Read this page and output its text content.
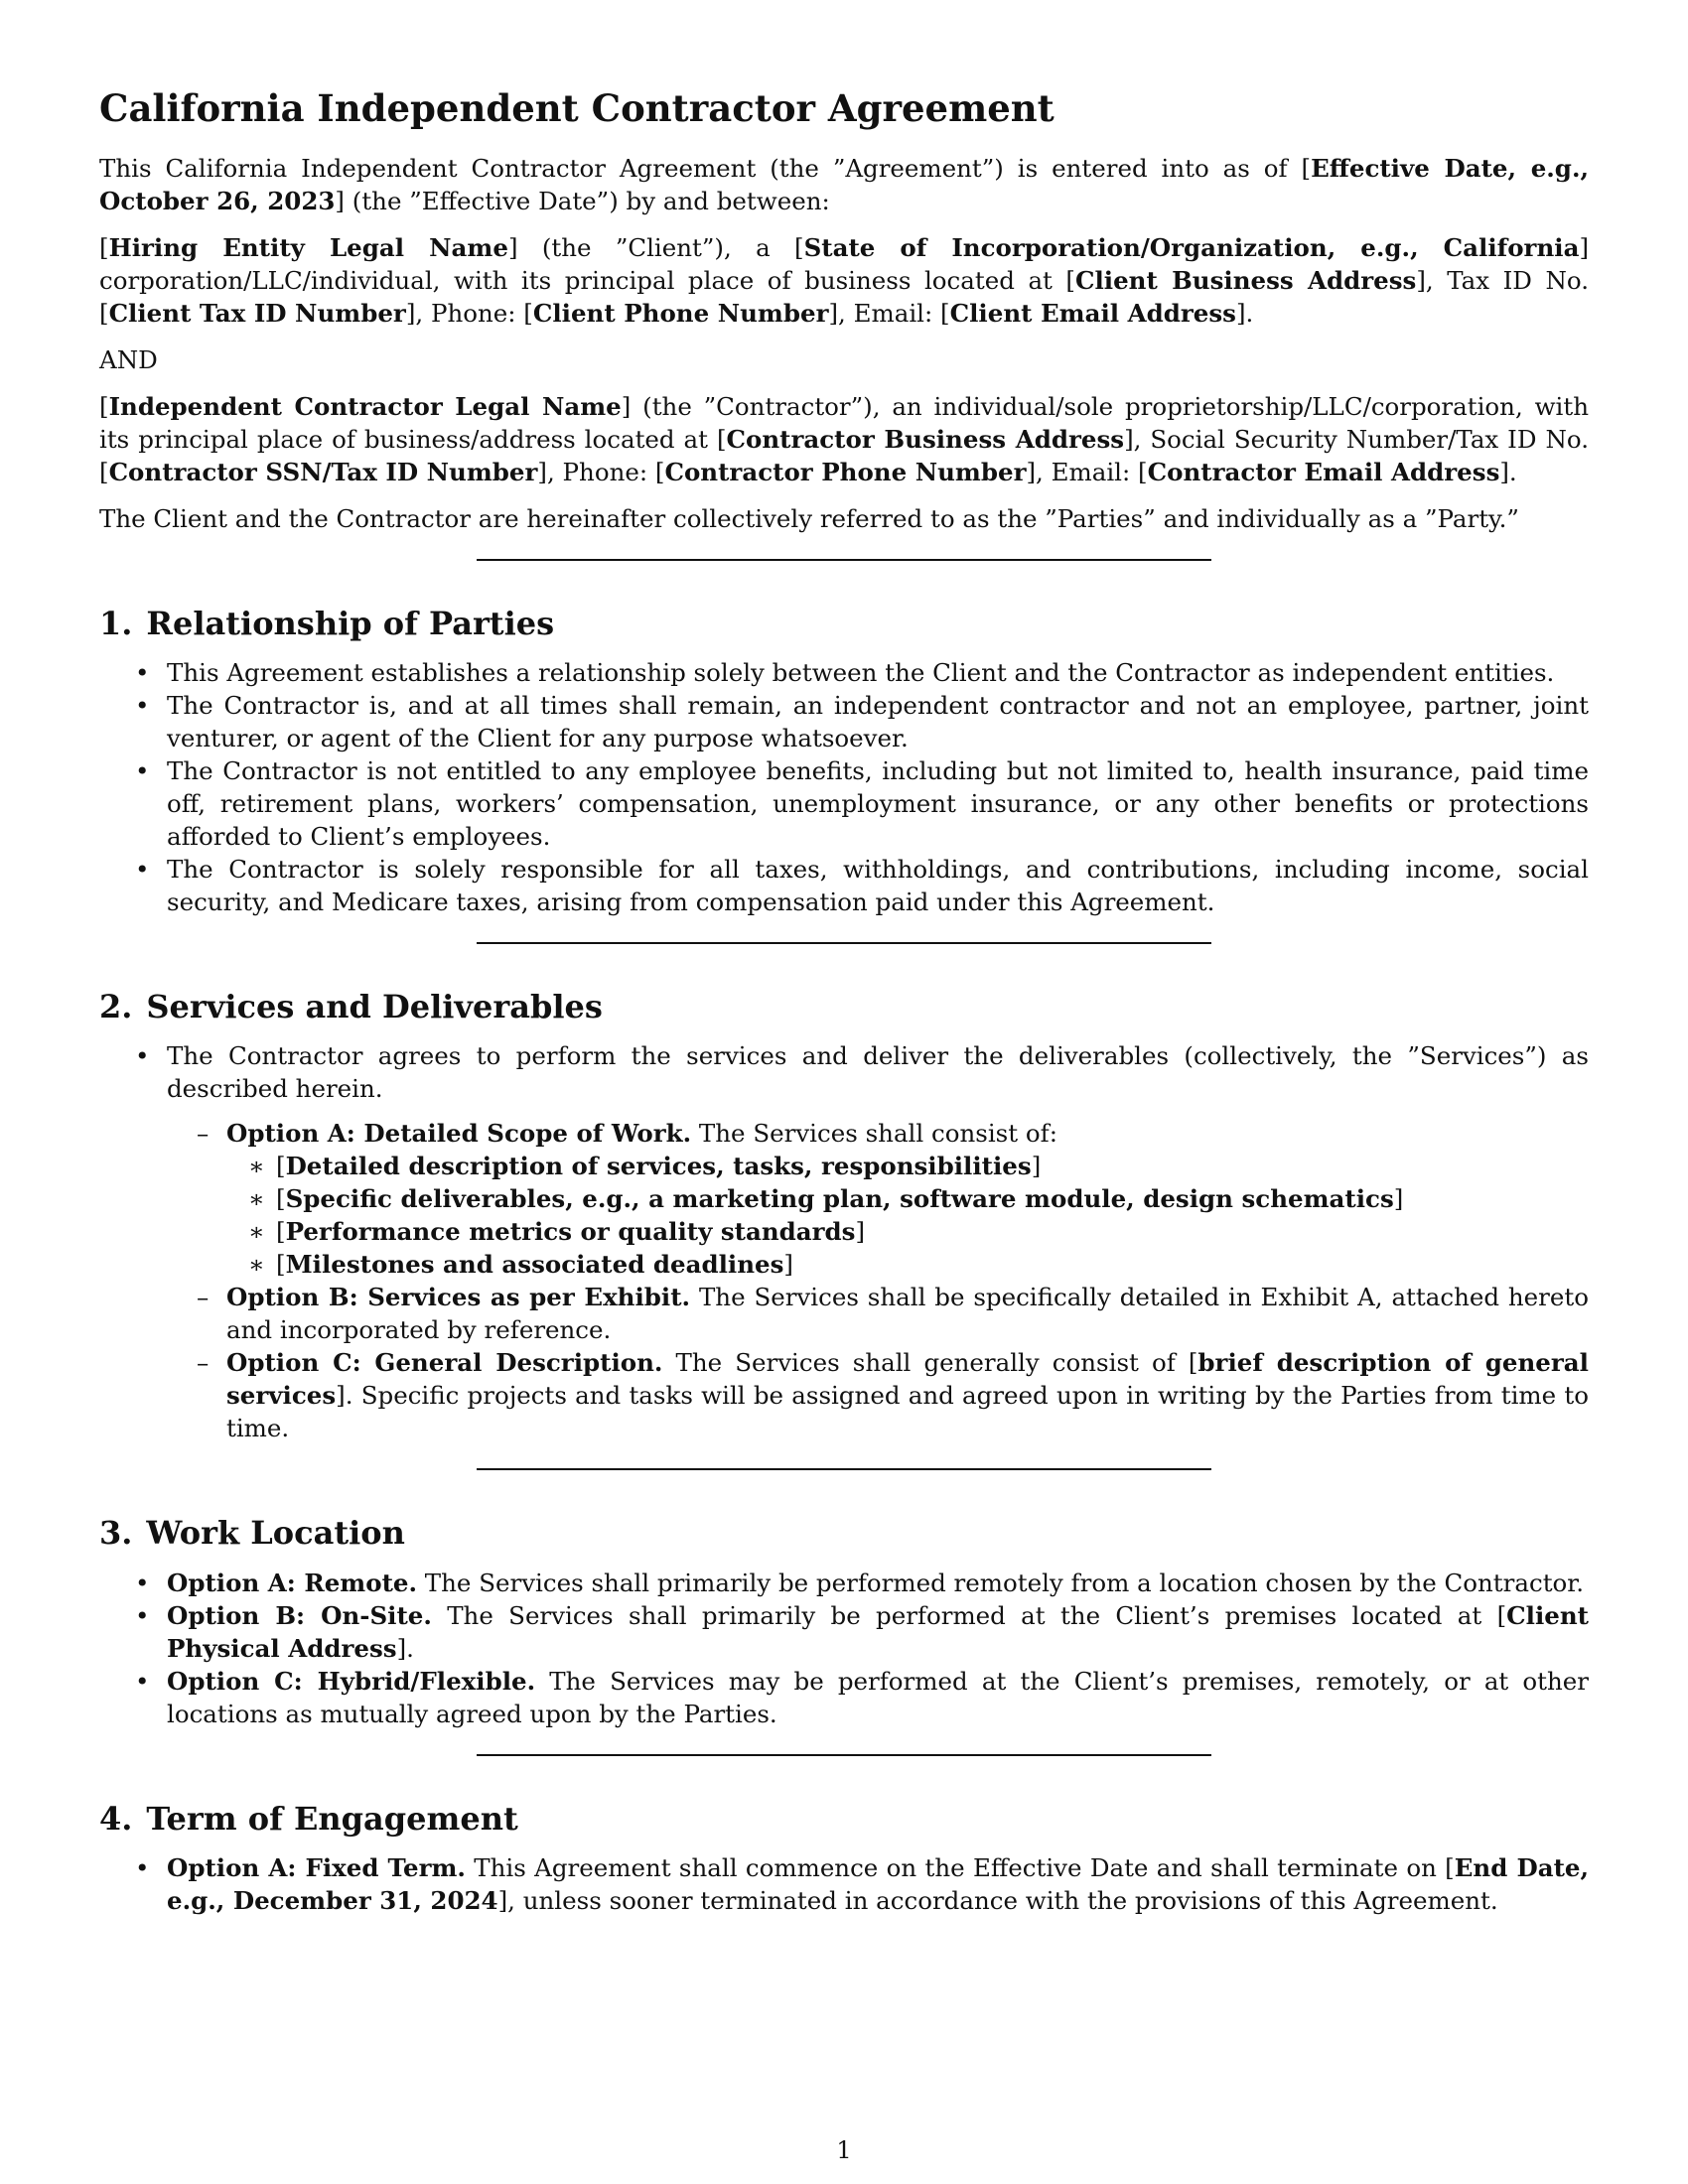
California Independent Contractor Agreement

This California Independent Contractor Agreement (the ”Agreement”) is entered into as of [Effective Date, e.g., October 26, 2023] (the ”Effective Date”) by and between:

[Hiring Entity Legal Name] (the ”Client”), a [State of Incorporation/Organization, e.g., California] corporation/LLC/individual, with its principal place of business located at [Client Business Address], Tax ID No. [Client Tax ID Number], Phone: [Client Phone Number], Email: [Client Email Address].

AND

[Independent Contractor Legal Name] (the ”Contractor”), an individual/sole proprietorship/LLC/corporation, with its principal place of business/address located at [Contractor Business Address], Social Security Number/Tax ID No. [Contractor SSN/Tax ID Number], Phone: [Contractor Phone Number], Email: [Contractor Email Address].

The Client and the Contractor are hereinafter collectively referred to as the ”Parties” and individually as a ”Party.”

1. Relationship of Parties
• This Agreement establishes a relationship solely between the Client and the Contractor as independent entities.
• The Contractor is, and at all times shall remain, an independent contractor and not an employee, partner, joint venturer, or agent of the Client for any purpose whatsoever.
• The Contractor is not entitled to any employee benefits, including but not limited to, health insurance, paid time off, retirement plans, workers’ compensation, unemployment insurance, or any other benefits or protections afforded to Client’s employees.
• The Contractor is solely responsible for all taxes, withholdings, and contributions, including income, social security, and Medicare taxes, arising from compensation paid under this Agreement.
2. Services and Deliverables
• The Contractor agrees to perform the services and deliver the deliverables (collectively, the ”Services”) as described herein.
– Option A: Detailed Scope of Work. The Services shall consist of:
∗ [Detailed description of services, tasks, responsibilities]
∗ [Specific deliverables, e.g., a marketing plan, software module, design schematics]
∗ [Performance metrics or quality standards]
∗ [Milestones and associated deadlines]
– Option B: Services as per Exhibit. The Services shall be specifically detailed in Exhibit A, attached hereto and incorporated by reference.
– Option C: General Description. The Services shall generally consist of [brief description of general services]. Specific projects and tasks will be assigned and agreed upon in writing by the Parties from time to time.
3. Work Location
• Option A: Remote. The Services shall primarily be performed remotely from a location chosen by the Contractor.
• Option B: On-Site. The Services shall primarily be performed at the Client’s premises located at [Client Physical Address].
• Option C: Hybrid/Flexible. The Services may be performed at the Client’s premises, remotely, or at other locations as mutually agreed upon by the Parties.
4. Term of Engagement
• Option A: Fixed Term. This Agreement shall commence on the Effective Date and shall terminate on [End Date, e.g., December 31, 2024], unless sooner terminated in accordance with the provisions of this Agreement.
1
